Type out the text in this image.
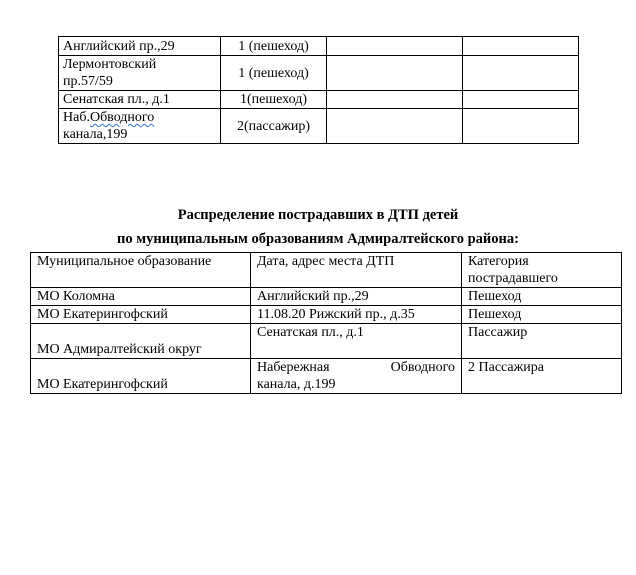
Английский пр.,29	1 (пешеход)		

Лермонтовский
пр.57/59	1 (пешеход)		
Сенатская пл., д.1	1(пешеход)		

Наб.Обводного
канала,199	2(пассажир)		
Распределение пострадавших в ДТП детей
по муниципальным образованиям Адмиралтейского района:
Муниципальное образование	Дата, адрес места ДТП	Категория
пострадавшего

МО Коломна	Английский пр.,29	Пешеход
МО Екатерингофский	11.08.20 Рижский пр., д.35	Пешеход
МО Адмиралтейский округ	Сенатская пл., д.1	Пассажир
МО Екатерингофский	Набережная Обводного
канала, д.199	2 Пассажира
